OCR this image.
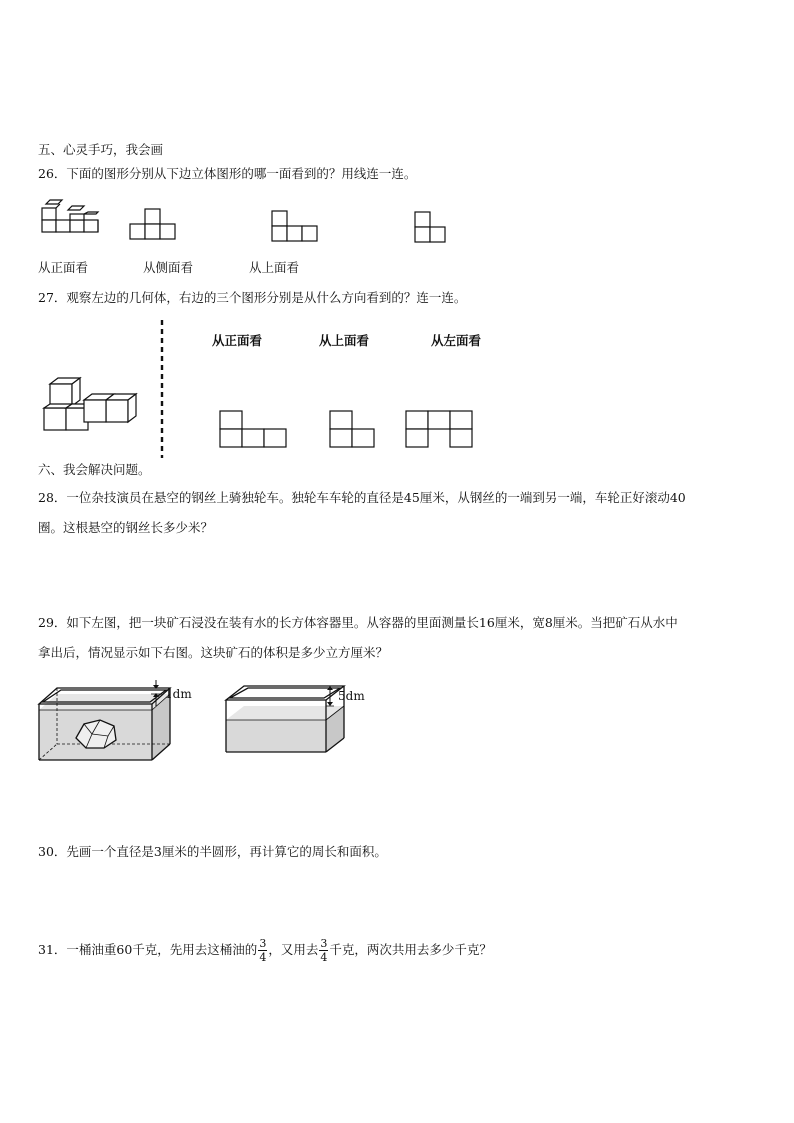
五、心灵手巧，我会画
26．下面的图形分别从下边立体图形的哪一面看到的？用线连一连。
从正面看	从侧面看	从上面看
27．观察左边的几何体，右边的三个图形分别是从什么方向看到的？连一连。
从正面看	从上面看	从左面看
六、我会解决问题。
28．一位杂技演员在悬空的钢丝上骑独轮车。独轮车车轮的直径是45厘米，从钢丝的一端到另一端，车轮正好滚动40
圈。这根悬空的钢丝长多少米？
29．如下左图，把一块矿石浸没在装有水的长方体容器里。从容器的里面测量长16厘米，宽8厘米。当把矿石从水中
拿出后，情况显示如下右图。这块矿石的体积是多少立方厘米？
1dm	5dm
30．先画一个直径是3厘米的半圆形，再计算它的周长和面积。
31．一桶油重60千克，先用去这桶油的 $\frac{3}{4}$ ，又用去 $\frac{3}{4}$ 千克，两次共用去多少千克？
